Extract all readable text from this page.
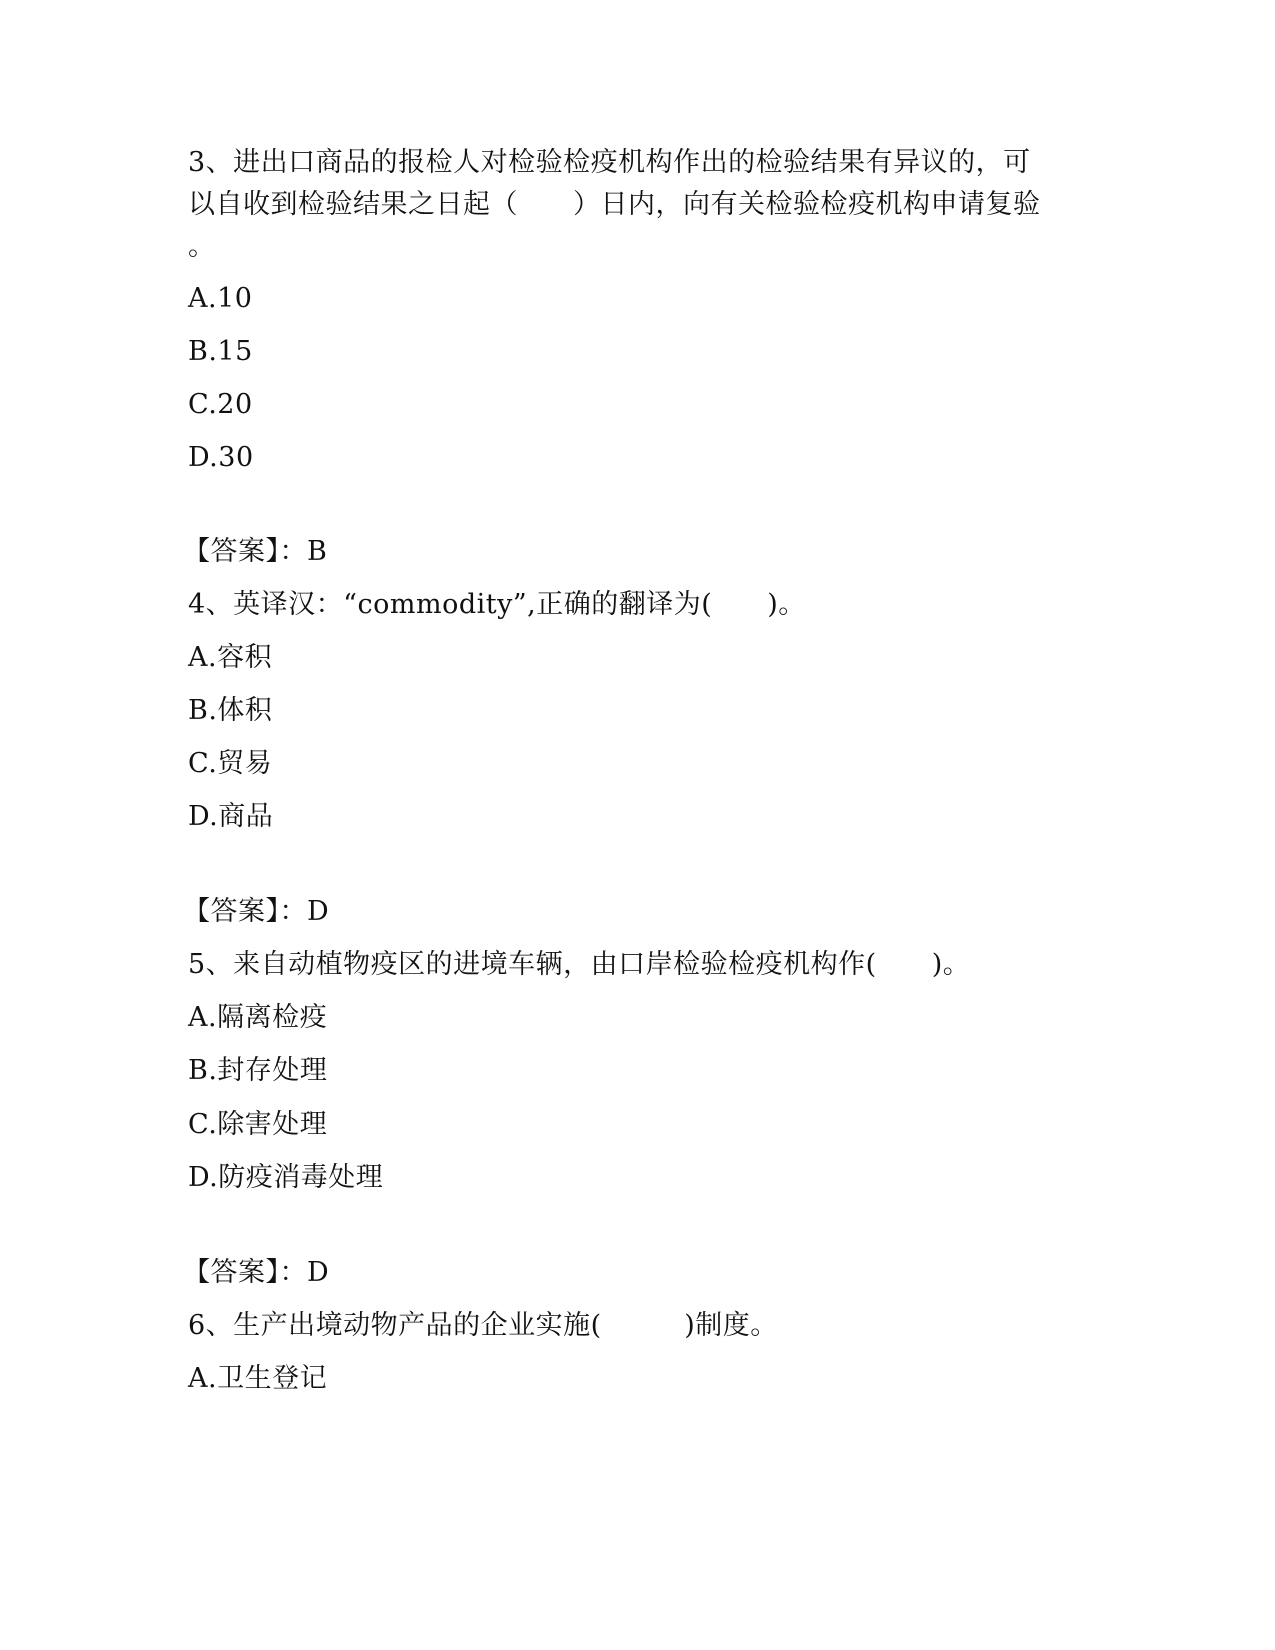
3、进出口商品的报检人对检验检疫机构作出的检验结果有异议的，可
以自收到检验结果之日起（　　）日内，向有关检验检疫机构申请复验
。
A.10
B.15
C.20
D.30
【答案】：B
4、英译汉：“commodity”,正确的翻译为(　　)。
A.容积
B.体积
C.贸易
D.商品
【答案】：D
5、来自动植物疫区的进境车辆，由口岸检验检疫机构作(　　)。
A.隔离检疫
B.封存处理
C.除害处理
D.防疫消毒处理
【答案】：D
6、生产出境动物产品的企业实施(　　　)制度。
A.卫生登记
